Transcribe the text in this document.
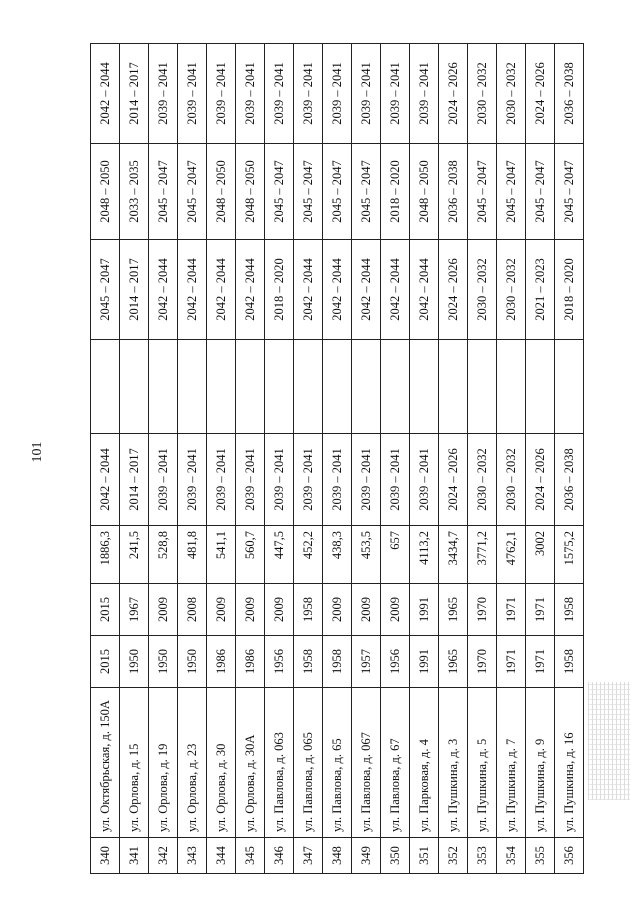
101
340	ул. Октябрьская, д. 150А	2015	2015	1886,3	2042 – 2044		2045 – 2047	2048 – 2050	2042 – 2044
341	ул. Орлова, д. 15	1950	1967	241,5	2014 – 2017		2014 – 2017	2033 – 2035	2014 – 2017
342	ул. Орлова, д. 19	1950	2009	528,8	2039 – 2041		2042 – 2044	2045 – 2047	2039 – 2041
343	ул. Орлова, д. 23	1950	2008	481,8	2039 – 2041		2042 – 2044	2045 – 2047	2039 – 2041
344	ул. Орлова, д. 30	1986	2009	541,1	2039 – 2041		2042 – 2044	2048 – 2050	2039 – 2041
345	ул. Орлова, д. 30А	1986	2009	560,7	2039 – 2041		2042 – 2044	2048 – 2050	2039 – 2041
346	ул. Павлова, д. 063	1956	2009	447,5	2039 – 2041		2018 – 2020	2045 – 2047	2039 – 2041
347	ул. Павлова, д. 065	1958	1958	452,2	2039 – 2041		2042 – 2044	2045 – 2047	2039 – 2041
348	ул. Павлова, д. 65	1958	2009	438,3	2039 – 2041		2042 – 2044	2045 – 2047	2039 – 2041
349	ул. Павлова, д. 067	1957	2009	453,5	2039 – 2041		2042 – 2044	2045 – 2047	2039 – 2041
350	ул. Павлова, д. 67	1956	2009	657	2039 – 2041		2042 – 2044	2018 – 2020	2039 – 2041
351	ул. Парковая, д. 4	1991	1991	4113,2	2039 – 2041		2042 – 2044	2048 – 2050	2039 – 2041
352	ул. Пушкина, д. 3	1965	1965	3434,7	2024 – 2026		2024 – 2026	2036 – 2038	2024 – 2026
353	ул. Пушкина, д. 5	1970	1970	3771,2	2030 – 2032		2030 – 2032	2045 – 2047	2030 – 2032
354	ул. Пушкина, д. 7	1971	1971	4762,1	2030 – 2032		2030 – 2032	2045 – 2047	2030 – 2032
355	ул. Пушкина, д. 9	1971	1971	3002	2024 – 2026		2021 – 2023	2045 – 2047	2024 – 2026
356	ул. Пушкина, д. 16	1958	1958	1575,2	2036 – 2038		2018 – 2020	2045 – 2047	2036 – 2038
